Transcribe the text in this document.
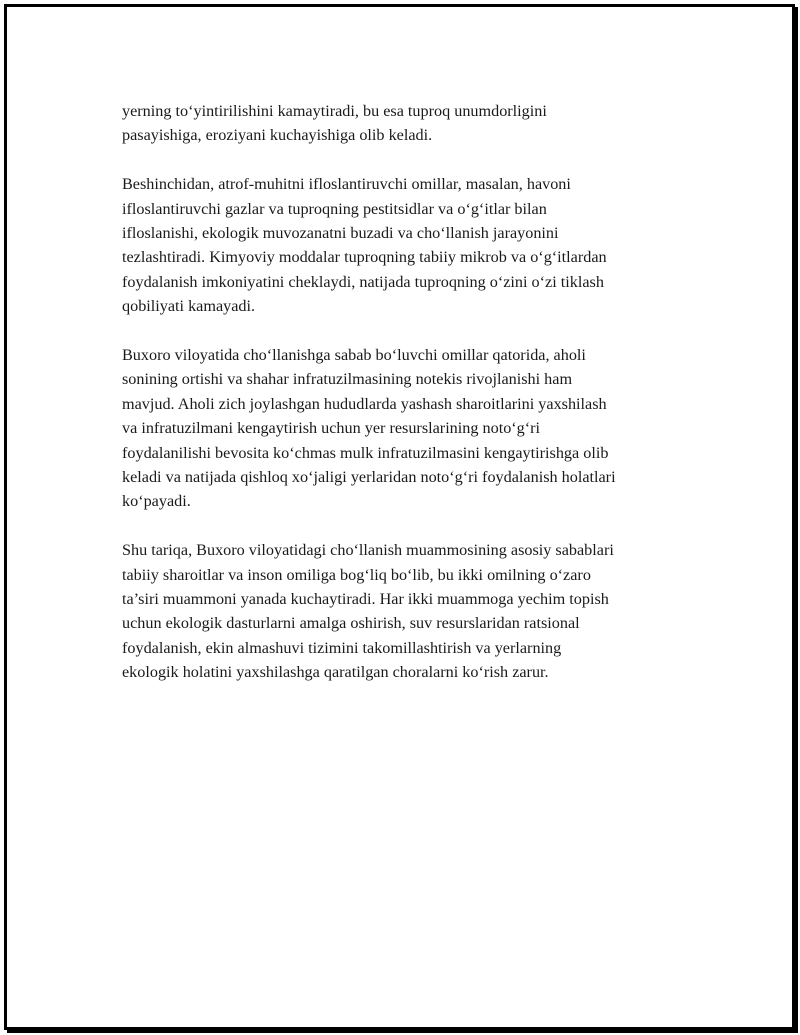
yerning to‘yintirilishini kamaytiradi, bu esa tuproq unumdorligini
pasayishiga, eroziyani kuchayishiga olib keladi.

Beshinchidan, atrof-muhitni ifloslantiruvchi omillar, masalan, havoni
ifloslantiruvchi gazlar va tuproqning pestitsidlar va o‘g‘itlar bilan
ifloslanishi, ekologik muvozanatni buzadi va cho‘llanish jarayonini
tezlashtiradi. Kimyoviy moddalar tuproqning tabiiy mikrob va o‘g‘itlardan
foydalanish imkoniyatini cheklaydi, natijada tuproqning o‘zini o‘zi tiklash
qobiliyati kamayadi.

Buxoro viloyatida cho‘llanishga sabab bo‘luvchi omillar qatorida, aholi
sonining ortishi va shahar infratuzilmasining notekis rivojlanishi ham
mavjud. Aholi zich joylashgan hududlarda yashash sharoitlarini yaxshilash
va infratuzilmani kengaytirish uchun yer resurslarining noto‘g‘ri
foydalanilishi bevosita ko‘chmas mulk infratuzilmasini kengaytirishga olib
keladi va natijada qishloq xo‘jaligi yerlaridan noto‘g‘ri foydalanish holatlari
ko‘payadi.

Shu tariqa, Buxoro viloyatidagi cho‘llanish muammosining asosiy sabablari
tabiiy sharoitlar va inson omiliga bog‘liq bo‘lib, bu ikki omilning o‘zaro
ta’siri muammoni yanada kuchaytiradi. Har ikki muammoga yechim topish
uchun ekologik dasturlarni amalga oshirish, suv resurslaridan ratsional
foydalanish, ekin almashuvi tizimini takomillashtirish va yerlarning
ekologik holatini yaxshilashga qaratilgan choralarni ko‘rish zarur.
